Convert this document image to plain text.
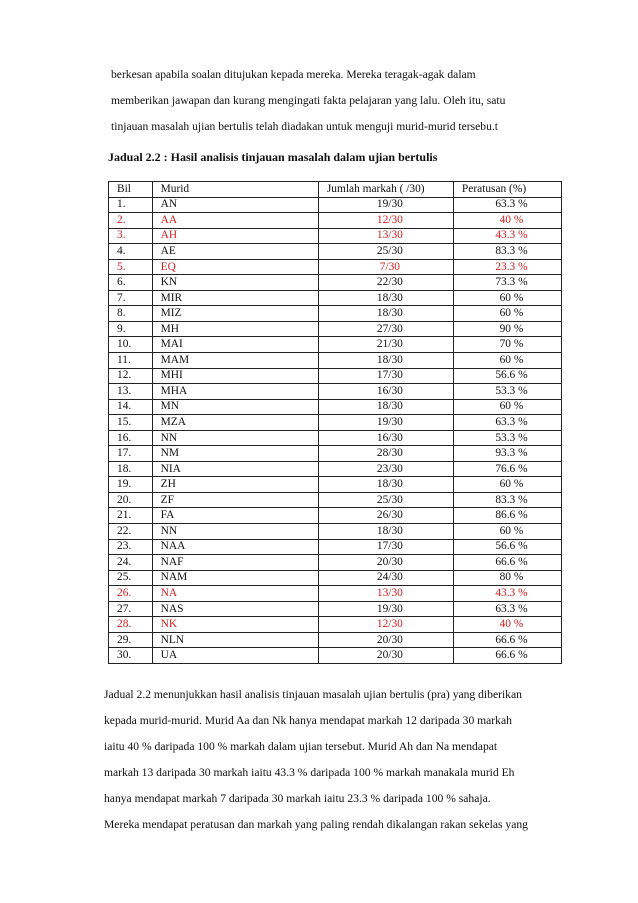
berkesan apabila soalan ditujukan kepada mereka. Mereka teragak-agak dalam

memberikan jawapan dan kurang mengingati fakta pelajaran yang lalu. Oleh itu, satu

tinjauan masalah ujian bertulis telah diadakan untuk menguji murid-murid tersebu.t

Jadual 2.2 : Hasil analisis tinjauan masalah dalam ujian bertulis
Bil	Murid	Jumlah markah ( /30)	Peratusan (%)
1.	AN	19/30	63.3 %
2.	AA	12/30	40 %
3.	AH	13/30	43.3 %
4.	AE	25/30	83.3 %
5.	EQ	7/30	23.3 %
6.	KN	22/30	73.3 %
7.	MIR	18/30	60 %
8.	MIZ	18/30	60 %
9.	MH	27/30	90 %
10.	MAI	21/30	70 %
11.	MAM	18/30	60 %
12.	MHI	17/30	56.6 %
13.	MHA	16/30	53.3 %
14.	MN	18/30	60 %
15.	MZA	19/30	63.3 %
16.	NN	16/30	53.3 %
17.	NM	28/30	93.3 %
18.	NIA	23/30	76.6 %
19.	ZH	18/30	60 %
20.	ZF	25/30	83.3 %
21.	FA	26/30	86.6 %
22.	NN	18/30	60 %
23.	NAA	17/30	56.6 %
24.	NAF	20/30	66.6 %
25.	NAM	24/30	80 %
26.	NA	13/30	43.3 %
27.	NAS	19/30	63.3 %
28.	NK	12/30	40 %
29.	NLN	20/30	66.6 %
30.	UA	20/30	66.6 %

Jadual 2.2 menunjukkan hasil analisis tinjauan masalah ujian bertulis (pra) yang diberikan

kepada murid-murid. Murid Aa dan Nk hanya mendapat markah 12 daripada 30 markah

iaitu 40 % daripada 100 % markah dalam ujian tersebut. Murid Ah dan Na mendapat

markah 13 daripada 30 markah iaitu 43.3 % daripada 100 % markah manakala murid Eh

hanya mendapat markah 7 daripada 30 markah iaitu 23.3 % daripada 100 % sahaja.

Mereka mendapat peratusan dan markah yang paling rendah dikalangan rakan sekelas yang
